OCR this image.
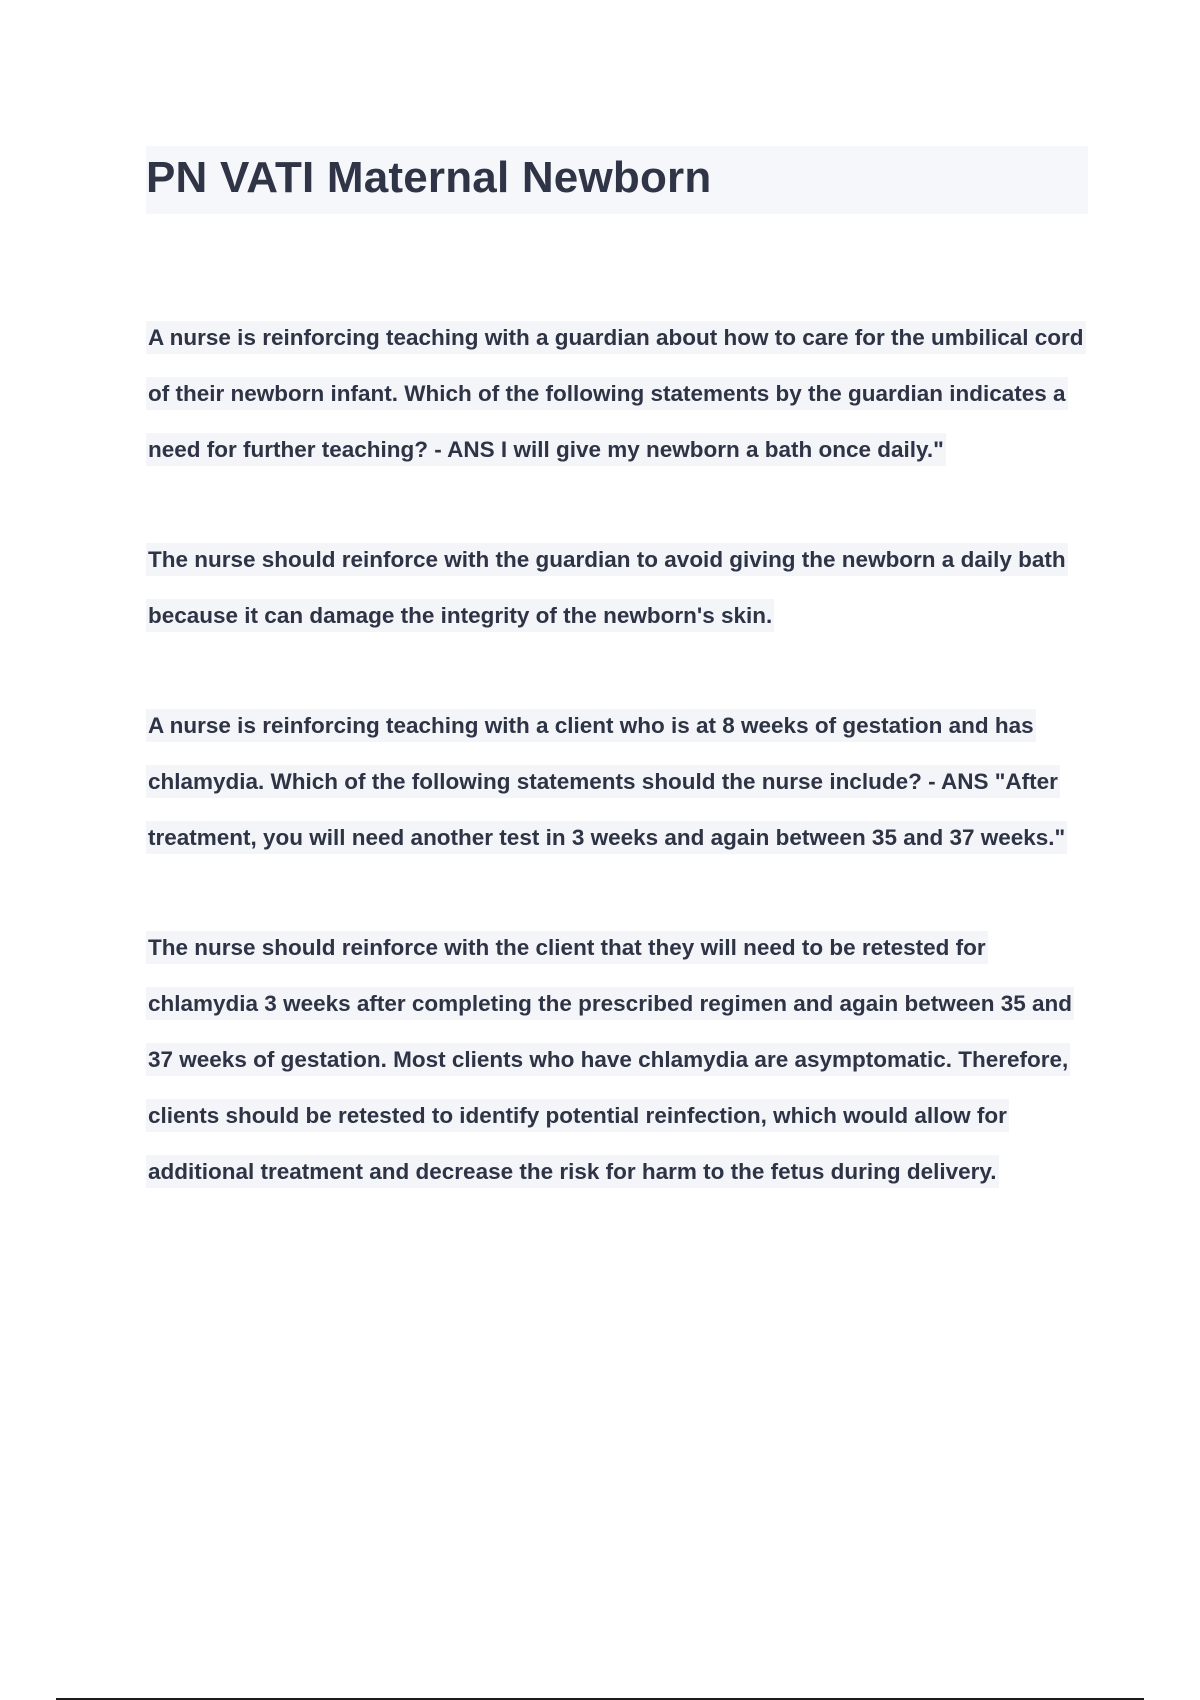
PN VATI Maternal Newborn

A nurse is reinforcing teaching with a guardian about how to care for the umbilical cord of their newborn infant. Which of the following statements by the guardian indicates a need for further teaching? - ANS I will give my newborn a bath once daily."

The nurse should reinforce with the guardian to avoid giving the newborn a daily bath because it can damage the integrity of the newborn's skin.

A nurse is reinforcing teaching with a client who is at 8 weeks of gestation and has chlamydia. Which of the following statements should the nurse include? - ANS "After treatment, you will need another test in 3 weeks and again between 35 and 37 weeks."

The nurse should reinforce with the client that they will need to be retested for chlamydia 3 weeks after completing the prescribed regimen and again between 35 and 37 weeks of gestation. Most clients who have chlamydia are asymptomatic. Therefore, clients should be retested to identify potential reinfection, which would allow for additional treatment and decrease the risk for harm to the fetus during delivery.
